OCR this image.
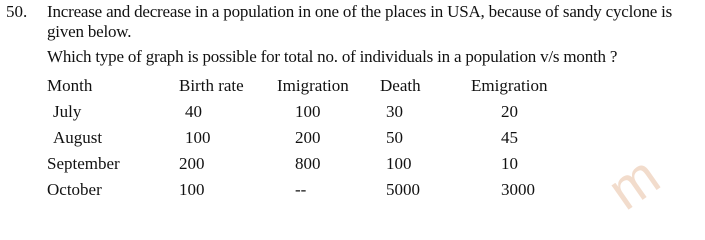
50. Increase and decrease in a population in one of the places in USA, because of sandy cyclone is
given below.
Which type of graph is possible for total no. of individuals in a population v/s month ?
Month	Birth rate	Imigration	Death	Emigration
July	40	100	30	20
August	100	200	50	45
September	200	800	100	10
October	100	--	5000	3000 m
